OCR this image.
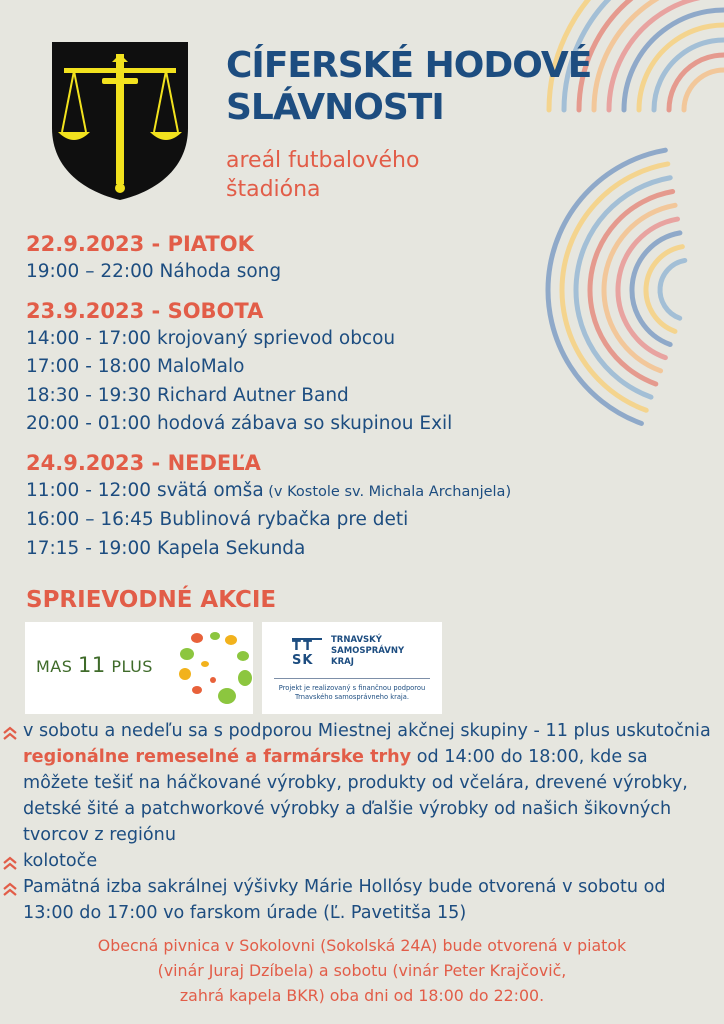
CÍFERSKÉ HODOVÉ
SLÁVNOSTI
areál futbalového
štadióna
22.9.2023 - PIATOK
19:00 – 22:00 Náhoda song
23.9.2023 - SOBOTA
14:00 - 17:00 krojovaný sprievod obcou
17:00 - 18:00 MaloMalo
18:30 - 19:30 Richard Autner Band
20:00 - 01:00 hodová zábava so skupinou Exil
24.9.2023 - NEDEĽA
11:00 - 12:00 svätá omša (v Kostole sv. Michala Archanjela)
16:00 – 16:45 Bublinová rybačka pre deti
17:15 - 19:00 Kapela Sekunda
SPRIEVODNÉ AKCIE
MAS 11 PLUS
TT
SK
TRNAVSKÝ
SAMOSPRÁVNY
KRAJ
Projekt je realizovaný s finančnou podporou
Trnavského samosprávneho kraja.
v sobotu a nedeľu sa s podporou Miestnej akčnej skupiny - 11 plus uskutočnia regionálne remeselné a farmárske trhy od 14:00 do 18:00, kde sa môžete tešiť na háčkované výrobky, produkty od včelára, drevené výrobky, detské šité a patchworkové výrobky a ďalšie výrobky od našich šikovných tvorcov z regiónu
kolotoče
Pamätná izba sakrálnej výšivky Márie Hollósy bude otvorená v sobotu od 13:00 do 17:00 vo farskom úrade (Ľ. Pavetitša 15)
Obecná pivnica v Sokolovni (Sokolská 24A) bude otvorená v piatok
(vinár Juraj Dzíbela) a sobotu (vinár Peter Krajčovič,
zahrá kapela BKR) oba dni od 18:00 do 22:00.
